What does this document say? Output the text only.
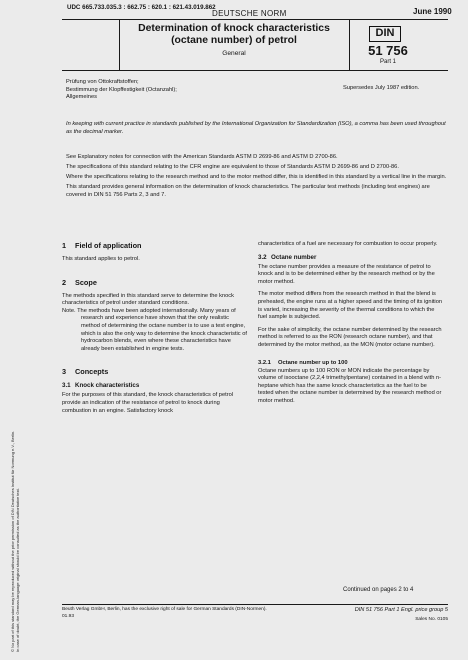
UDC 665.733.035.3 : 662.75 : 620.1 : 621.43.019.862
DEUTSCHE NORM	June 1990
Determination of knock characteristics
(octane number) of petrol
General
DIN
51 756
Part 1
Prüfung von Ottokraftstoffen;
Bestimmung der Klopffestigkeit (Octanzahl);
Allgemeines
Supersedes July 1987 edition.
In keeping with current practice in standards published by the International Organization for Standardization (ISO), a comma has been used throughout as the decimal marker.

See Explanatory notes for connection with the American Standards ASTM D 2699-86 and ASTM D 2700-86.

The specifications of this standard relating to the CFR engine are equivalent to those of Standards ASTM D 2699-86 and D 2700-86.

Where the specifications relating to the research method and to the motor method differ, this is identified in this standard by a vertical line in the margin.

This standard provides general information on the determination of knock characteristics. The particular test methods (including test engines) are covered in DIN 51 756 Parts 2, 3 and 7.

1 Field of application

This standard applies to petrol.

2 Scope

The methods specified in this standard serve to determine the knock characteristics of petrol under standard conditions.

Note. The methods have been adopted internationally. Many years of research and experience have shown that the only realistic method of determining the octane number is to use a test engine, which is also the only way to determine the knock characteristic of hydrocarbon blends, even where these characteristics have already been established in engine tests.

3 Concepts
3.1 Knock characteristics

For the purposes of this standard, the knock characteristics of petrol provide an indication of the resistance of petrol to knock during combustion in an engine. Satisfactory knock

characteristics of a fuel are necessary for combustion to occur properly.

3.2 Octane number

The octane number provides a measure of the resistance of petrol to knock and is to be determined either by the research method or by the motor method.

The motor method differs from the research method in that the blend is preheated, the engine runs at a higher speed and the timing of its ignition is varied, increasing the severity of the thermal conditions to which the fuel sample is subjected.

For the sake of simplicity, the octane number determined by the research method is referred to as the RON (research octane number), and that determined by the motor method, as the MON (motor octane number).

3.2.1 Octane number up to 100

Octane numbers up to 100 RON or MON indicate the percentage by volume of isooctane (2,2,4 trimethylpentane) contained in a blend with n-heptane which has the same knock characteristics as the fuel to be tested when the octane number is determined by the research method or motor method.

Continued on pages 2 to 4
Beuth Verlag GmbH, Berlin, has the exclusive right of sale for German Standards (DIN-Normen).
01.93
DIN 51 756 Part 1 Engl. price group 5
Sales No. 0105
© No part of this standard may be reproduced without the prior permission of DIN Deutsches Institut für Normung e.V., Berlin. In case of doubt, the German-language original should be consulted as the authoritative text.
